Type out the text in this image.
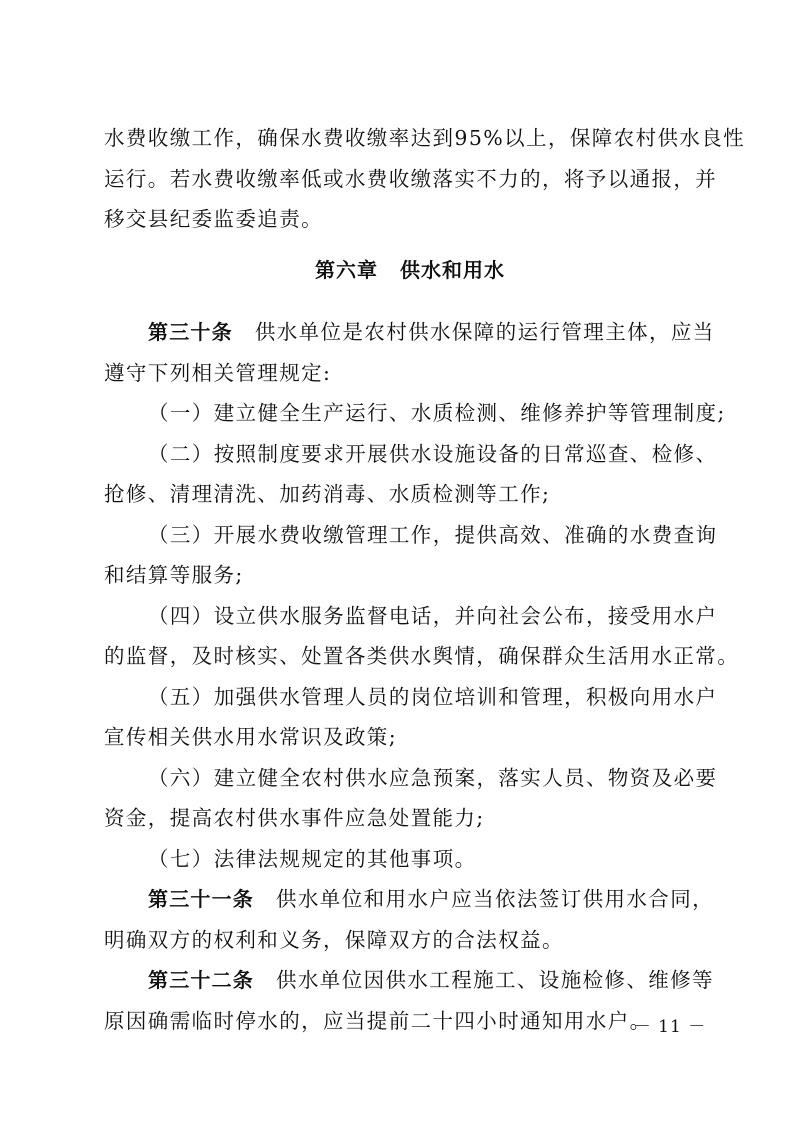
水费收缴工作，确保水费收缴率达到95%以上，保障农村供水良性
运行。若水费收缴率低或水费收缴落实不力的，将予以通报，并
移交县纪委监委追责。
第六章 供水和用水
第三十条 供水单位是农村供水保障的运行管理主体，应当
遵守下列相关管理规定:
（一）建立健全生产运行、水质检测、维修养护等管理制度;
（二）按照制度要求开展供水设施设备的日常巡查、检修、
抢修、清理清洗、加药消毒、水质检测等工作;
（三）开展水费收缴管理工作，提供高效、准确的水费查询
和结算等服务;
（四）设立供水服务监督电话，并向社会公布，接受用水户
的监督，及时核实、处置各类供水舆情，确保群众生活用水正常。
（五）加强供水管理人员的岗位培训和管理，积极向用水户
宣传相关供水用水常识及政策;
（六）建立健全农村供水应急预案，落实人员、物资及必要
资金，提高农村供水事件应急处置能力;
（七）法律法规规定的其他事项。
第三十一条 供水单位和用水户应当依法签订供用水合同，
明确双方的权利和义务，保障双方的合法权益。
第三十二条 供水单位因供水工程施工、设施检修、维修等
原因确需临时停水的，应当提前二十四小时通知用水户。
－ 11 －
